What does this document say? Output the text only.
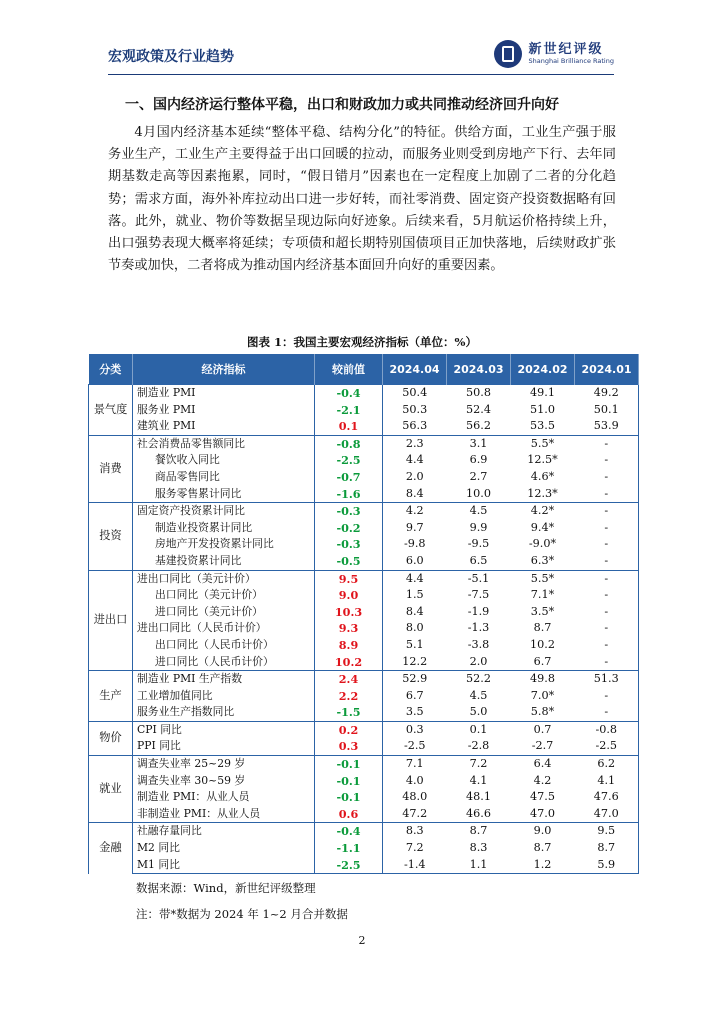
宏观政策及行业趋势	新世纪评级
Shanghai Brilliance Rating
一、国内经济运行整体平稳，出口和财政加力或共同推动经济回升向好

4月国内经济基本延续“整体平稳、结构分化”的特征。供给方面，工业生产强于服务业生产，工业生产主要得益于出口回暖的拉动，而服务业则受到房地产下行、去年同期基数走高等因素拖累，同时，“假日错月”因素也在一定程度上加剧了二者的分化趋势；需求方面，海外补库拉动出口进一步好转，而社零消费、固定资产投资数据略有回落。此外，就业、物价等数据呈现边际向好迹象。后续来看，5月航运价格持续上升，出口强势表现大概率将延续；专项债和超长期特别国债项目正加快落地，后续财政扩张节奏或加快，二者将成为推动国内经济基本面回升向好的重要因素。

图表 1：我国主要宏观经济指标（单位：%）
分类	经济指标	较前值	2024.04	2024.03	2024.02	2024.01
景气度	制造业 PMI	-0.4	50.4	50.8	49.1	49.2
	服务业 PMI	-2.1	50.3	52.4	51.0	50.1
	建筑业 PMI	0.1	56.3	56.2	53.5	53.9
消费	社会消费品零售额同比	-0.8	2.3	3.1	5.5*	-
	餐饮收入同比	-2.5	4.4	6.9	12.5*	-
	商品零售同比	-0.7	2.0	2.7	4.6*	-
	服务零售累计同比	-1.6	8.4	10.0	12.3*	-
投资	固定资产投资累计同比	-0.3	4.2	4.5	4.2*	-
	制造业投资累计同比	-0.2	9.7	9.9	9.4*	-
	房地产开发投资累计同比	-0.3	-9.8	-9.5	-9.0*	-
	基建投资累计同比	-0.5	6.0	6.5	6.3*	-
进出口	进出口同比（美元计价）	9.5	4.4	-5.1	5.5*	-
	出口同比（美元计价）	9.0	1.5	-7.5	7.1*	-
	进口同比（美元计价）	10.3	8.4	-1.9	3.5*	-
	进出口同比（人民币计价）	9.3	8.0	-1.3	8.7	-
	出口同比（人民币计价）	8.9	5.1	-3.8	10.2	-
	进口同比（人民币计价）	10.2	12.2	2.0	6.7	-
生产	制造业 PMI 生产指数	2.4	52.9	52.2	49.8	51.3
	工业增加值同比	2.2	6.7	4.5	7.0*	-
	服务业生产指数同比	-1.5	3.5	5.0	5.8*	-
物价	CPI 同比	0.2	0.3	0.1	0.7	-0.8
	PPI 同比	0.3	-2.5	-2.8	-2.7	-2.5
就业	调查失业率 25~29 岁	-0.1	7.1	7.2	6.4	6.2
	调查失业率 30~59 岁	-0.1	4.0	4.1	4.2	4.1
	制造业 PMI：从业人员	-0.1	48.0	48.1	47.5	47.6
	非制造业 PMI：从业人员	0.6	47.2	46.6	47.0	47.0
金融	社融存量同比	-0.4	8.3	8.7	9.0	9.5
	M2 同比	-1.1	7.2	8.3	8.7	8.7
	M1 同比	-2.5	-1.4	1.1	1.2	5.9
数据来源：Wind，新世纪评级整理
注：带*数据为 2024 年 1~2 月合并数据
2
